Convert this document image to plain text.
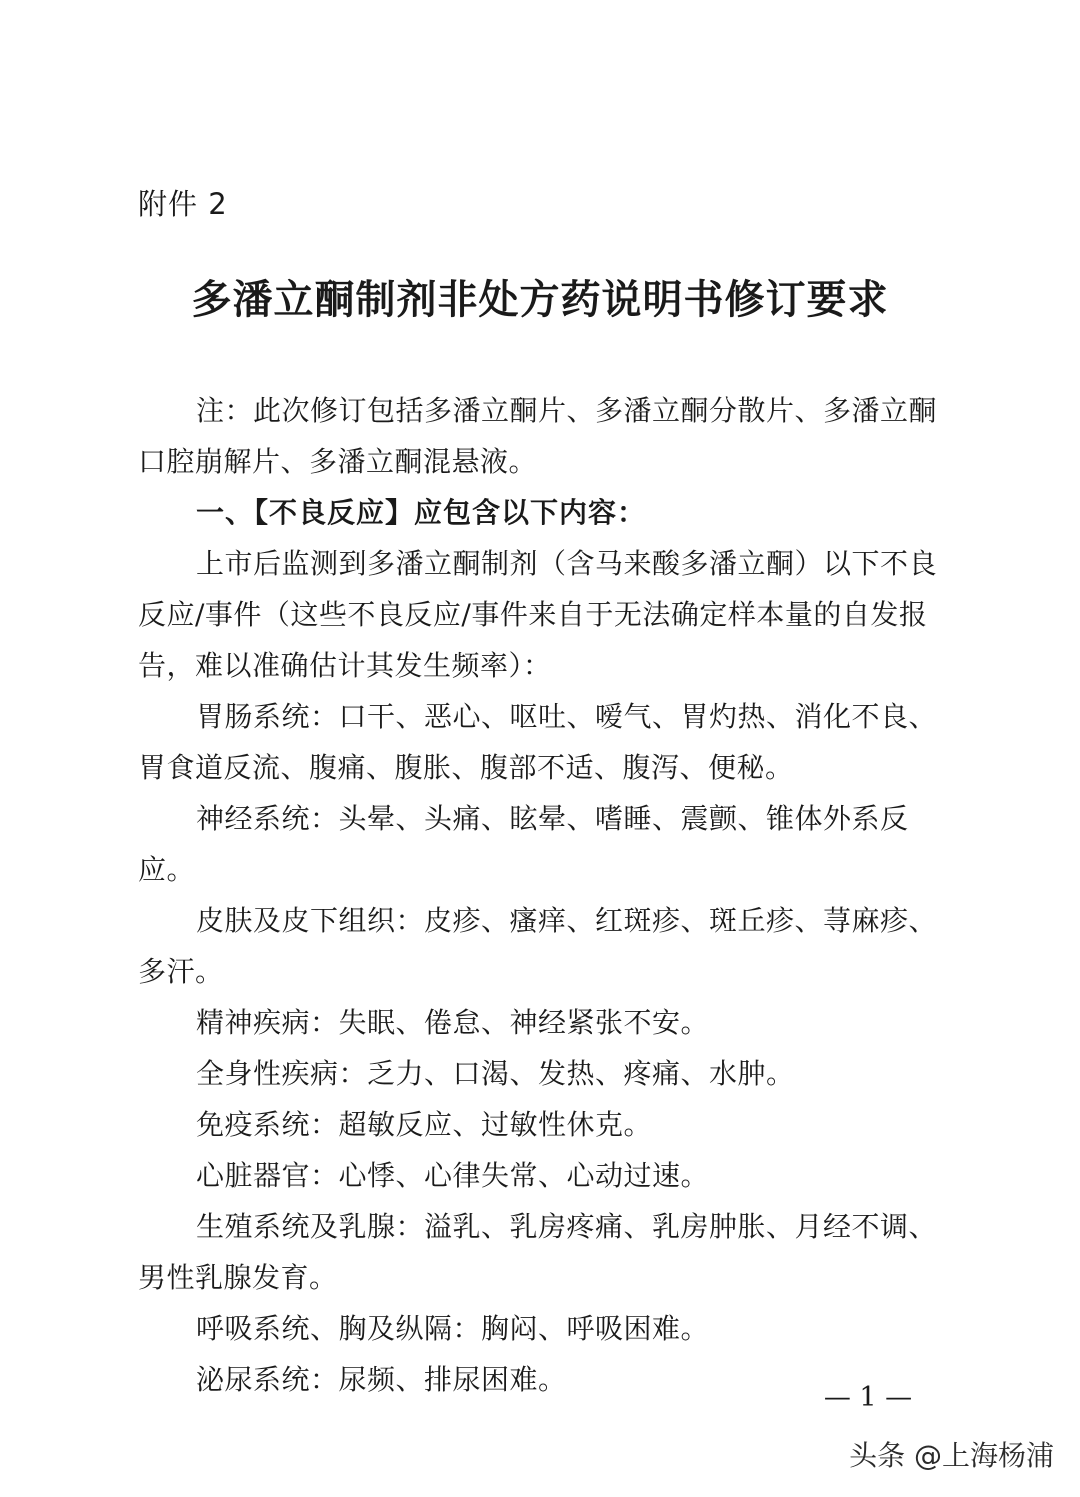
附件 2

多潘立酮制剂非处方药说明书修订要求

注：此次修订包括多潘立酮片、多潘立酮分散片、多潘立酮口腔崩解片、多潘立酮混悬液。

一、【不良反应】应包含以下内容：

上市后监测到多潘立酮制剂（含马来酸多潘立酮）以下不良反应/事件（这些不良反应/事件来自于无法确定样本量的自发报告，难以准确估计其发生频率）：

胃肠系统：口干、恶心、呕吐、嗳气、胃灼热、消化不良、胃食道反流、腹痛、腹胀、腹部不适、腹泻、便秘。

神经系统：头晕、头痛、眩晕、嗜睡、震颤、锥体外系反应。

皮肤及皮下组织：皮疹、瘙痒、红斑疹、斑丘疹、荨麻疹、多汗。

精神疾病：失眠、倦怠、神经紧张不安。

全身性疾病：乏力、口渴、发热、疼痛、水肿。

免疫系统：超敏反应、过敏性休克。

心脏器官：心悸、心律失常、心动过速。

生殖系统及乳腺：溢乳、乳房疼痛、乳房肿胀、月经不调、男性乳腺发育。

呼吸系统、胸及纵隔：胸闷、呼吸困难。

泌尿系统：尿频、排尿困难。

— 1 —

头条 @上海杨浦
